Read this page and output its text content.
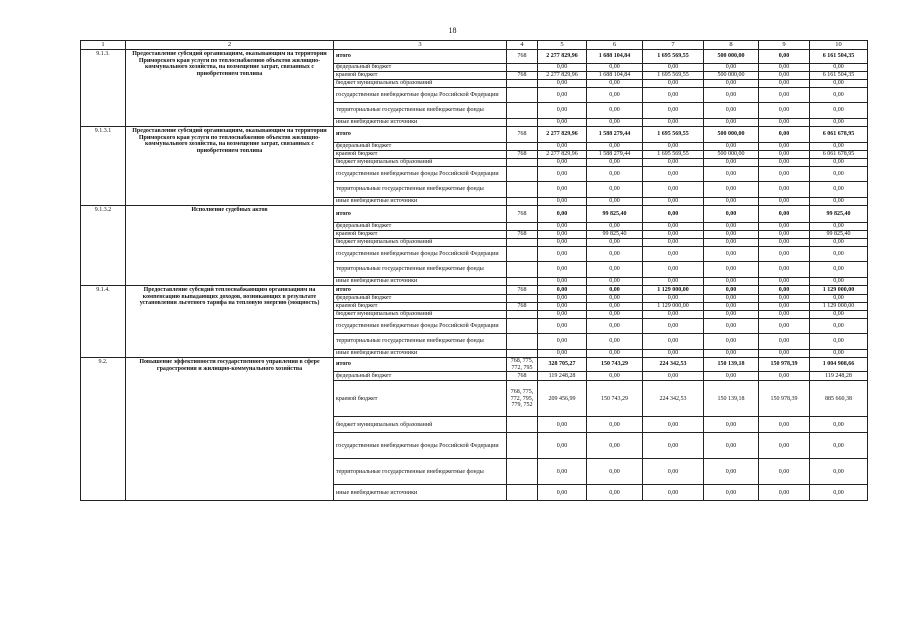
18
1	2	3	4	5	6	7	8	9	10
9.1.3.	Предоставление субсидий организациям, оказывающим на территории Приморского края услуги по теплоснабжению объектов жилищно-коммунального хозяйства, на возмещение затрат, связанных с приобретением топлива	итого	768	2 277 829,96	1 688 104,84	1 695 569,55	500 000,00	0,00	6 161 504,35
		федеральный бюджет		0,00	0,00	0,00	0,00	0,00	0,00
		краевой бюджет	768	2 277 829,96	1 688 104,84	1 695 569,55	500 000,00	0,00	6 161 504,35
		бюджет муниципальных образований		0,00	0,00	0,00	0,00	0,00	0,00
		государственные внебюджетные фонды Российской Федерации		0,00	0,00	0,00	0,00	0,00	0,00
		территориальные государственные внебюджетные фонды		0,00	0,00	0,00	0,00	0,00	0,00
		иные внебюджетные источники		0,00	0,00	0,00	0,00	0,00	0,00
9.1.3.1	Предоставление субсидий организациям, оказывающим на территории Приморского края услуги по теплоснабжению объектов жилищно-коммунального хозяйства, на возмещение затрат, связанных с приобретением топлива	итого	768	2 277 829,96	1 588 279,44	1 695 569,55	500 000,00	0,00	6 061 678,95
		федеральный бюджет		0,00	0,00	0,00	0,00	0,00	0,00
		краевой бюджет	768	2 277 829,96	1 588 279,44	1 695 569,55	500 000,00	0,00	6 061 678,95
		бюджет муниципальных образований		0,00	0,00	0,00	0,00	0,00	0,00
		государственные внебюджетные фонды Российской Федерации		0,00	0,00	0,00	0,00	0,00	0,00
		территориальные государственные внебюджетные фонды		0,00	0,00	0,00	0,00	0,00	0,00
		иные внебюджетные источники		0,00	0,00	0,00	0,00	0,00	0,00
9.1.3.2	Исполнение судебных актов	итого	768	0,00	99 825,40	0,00	0,00	0,00	99 825,40
		федеральный бюджет		0,00	0,00	0,00	0,00	0,00	0,00
		краевой бюджет	768	0,00	99 825,40	0,00	0,00	0,00	99 825,40
		бюджет муниципальных образований		0,00	0,00	0,00	0,00	0,00	0,00
		государственные внебюджетные фонды Российской Федерации		0,00	0,00	0,00	0,00	0,00	0,00
		территориальные государственные внебюджетные фонды		0,00	0,00	0,00	0,00	0,00	0,00
		иные внебюджетные источники		0,00	0,00	0,00	0,00	0,00	0,00
9.1.4.	Предоставление субсидий теплоснабжающим организациям на компенсацию выпадающих доходов, возникающих в результате установления льготного тарифа на тепловую энергию (мощность)	итого	768	0,00	0,00	1 129 000,00	0,00	0,00	1 129 000,00
		федеральный бюджет		0,00	0,00	0,00	0,00	0,00	0,00
		краевой бюджет	768	0,00	0,00	1 129 000,00	0,00	0,00	1 129 000,00
		бюджет муниципальных образований		0,00	0,00	0,00	0,00	0,00	0,00
		государственные внебюджетные фонды Российской Федерации		0,00	0,00	0,00	0,00	0,00	0,00
		территориальные государственные внебюджетные фонды		0,00	0,00	0,00	0,00	0,00	0,00
		иные внебюджетные источники		0,00	0,00	0,00	0,00	0,00	0,00
9.2.	Повышение эффективности государственного управления в сфере градостроения и жилищно-коммунального хозяйства	итого	768, 775, 772, 795	328 705,27	150 743,29	224 342,53	150 139,18	150 978,39	1 004 908,66
		федеральный бюджет	768	119 248,28	0,00	0,00	0,00	0,00	119 248,28
		краевой бюджет	768, 775, 772, 795, 779, 752	209 456,99	150 743,29	224 342,53	150 139,18	150 978,39	885 660,38
		бюджет муниципальных образований		0,00	0,00	0,00	0,00	0,00	0,00
		государственные внебюджетные фонды Российской Федерации		0,00	0,00	0,00	0,00	0,00	0,00
		территориальные государственные внебюджетные фонды		0,00	0,00	0,00	0,00	0,00	0,00
		иные внебюджетные источники		0,00	0,00	0,00	0,00	0,00	0,00
